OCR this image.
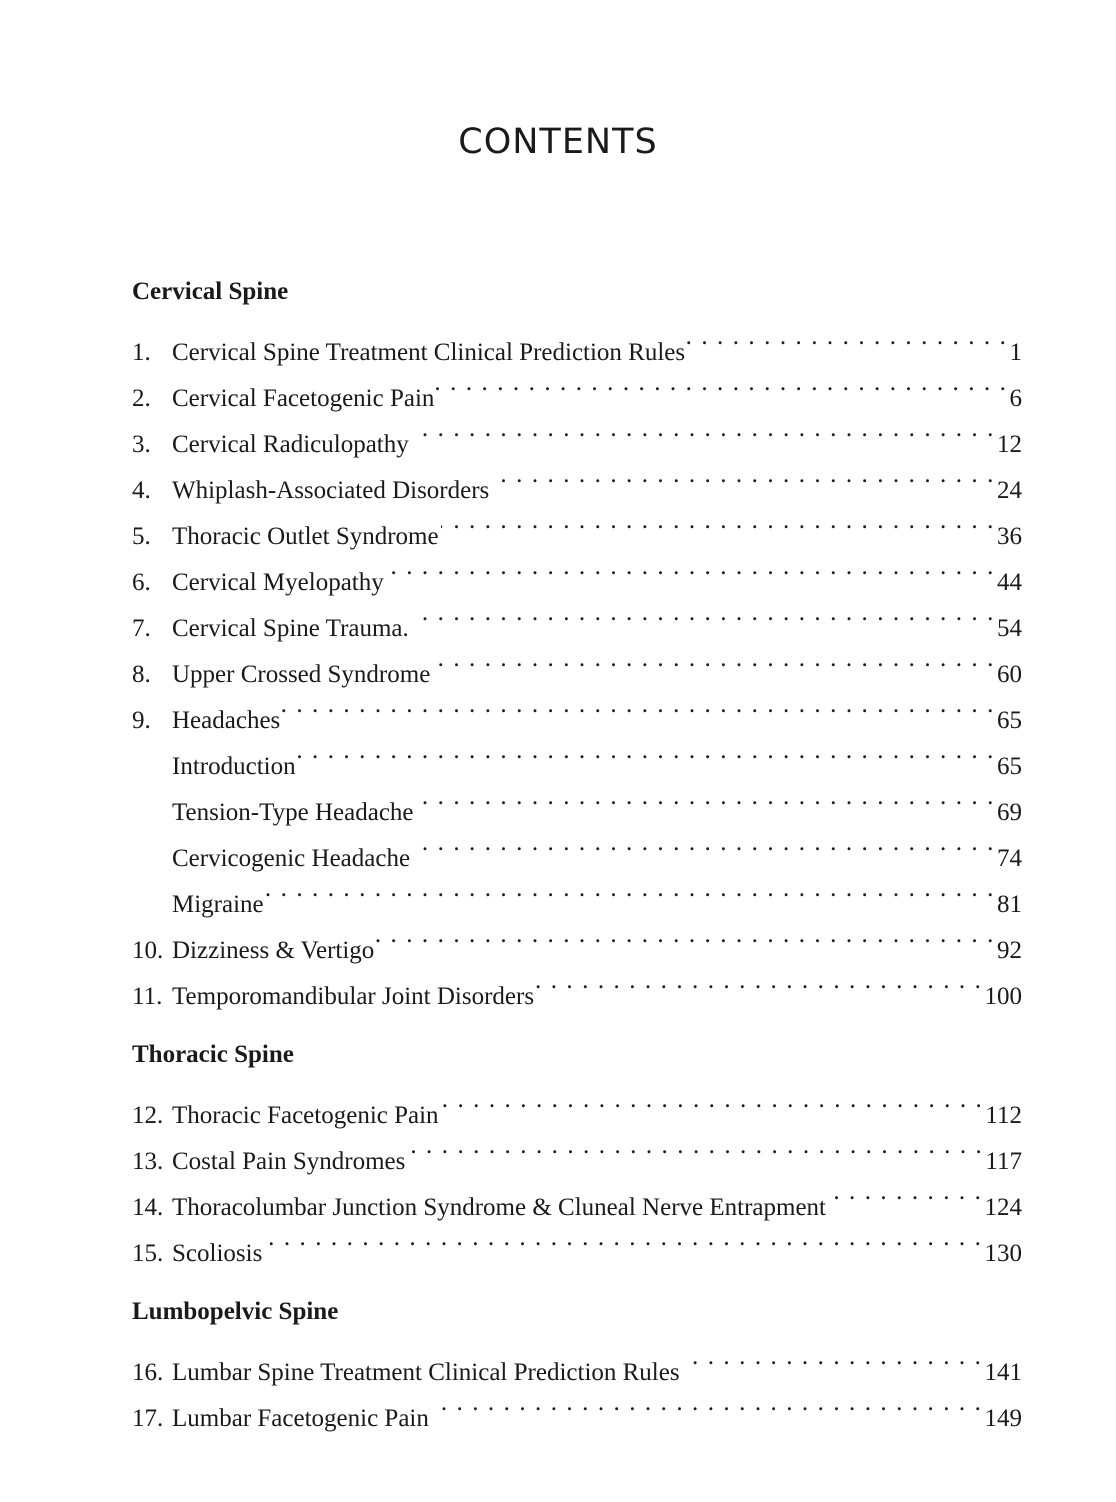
CONTENTS
Cervical Spine
1. Cervical Spine Treatment Clinical Prediction Rules . . .	1
2. Cervical Facetogenic Pain . . .	6
3. Cervical Radiculopathy . . .	12
4. Whiplash-Associated Disorders . . .	24
5. Thoracic Outlet Syndrome . . .	36
6. Cervical Myelopathy . . .	44
7. Cervical Spine Trauma. . . .	54
8. Upper Crossed Syndrome . . .	60
9. Headaches . . .	65
Introduction . . .	65
Tension-Type Headache . . .	69
Cervicogenic Headache . . .	74
Migraine . . .	81
10. Dizziness & Vertigo . . .	92
11. Temporomandibular Joint Disorders . . .	100
Thoracic Spine
12. Thoracic Facetogenic Pain . . .	112
13. Costal Pain Syndromes . . .	117
14. Thoracolumbar Junction Syndrome & Cluneal Nerve Entrapment . . .	124
15. Scoliosis . . .	130
Lumbopelvic Spine
16. Lumbar Spine Treatment Clinical Prediction Rules . . .	141
17. Lumbar Facetogenic Pain . . .	149
